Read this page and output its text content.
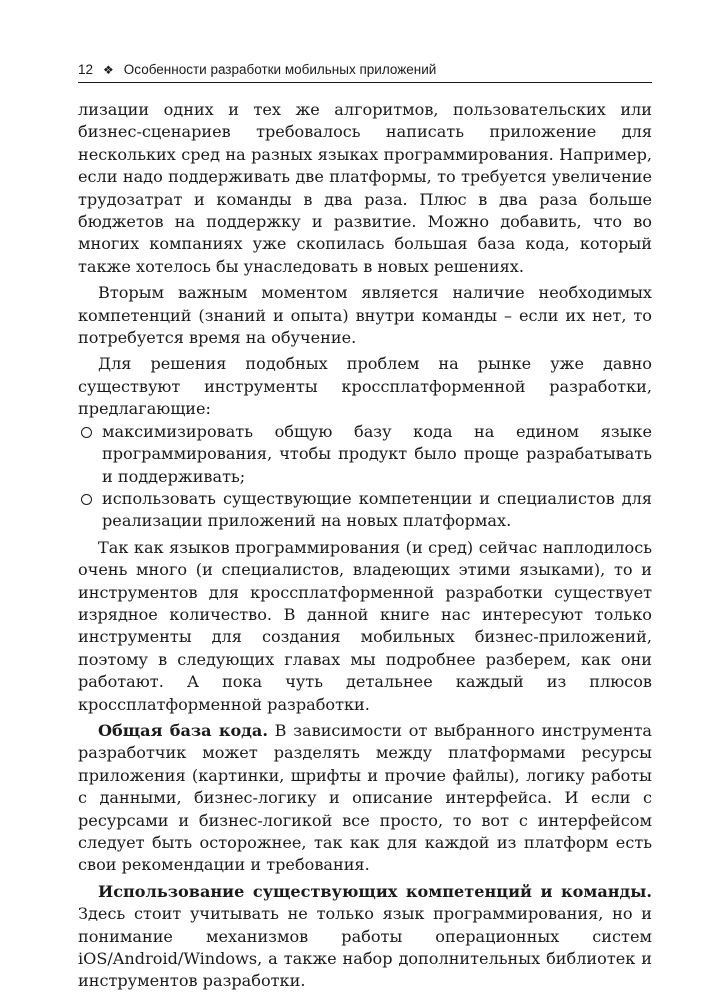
12 ❖ Особенности разработки мобильных приложений

лизации одних и тех же алгоритмов, пользовательских или бизнес-сценариев требовалось написать приложение для нескольких сред на разных языках программирования. Например, если надо поддерживать две платформы, то требуется увеличение трудозатрат и команды в два раза. Плюс в два раза больше бюджетов на поддержку и развитие. Можно добавить, что во многих компаниях уже скопилась большая база кода, который также хотелось бы унаследовать в новых решениях.

Вторым важным моментом является наличие необходимых компетенций (знаний и опыта) внутри команды – если их нет, то потребуется время на обучение.

Для решения подобных проблем на рынке уже давно существуют инструменты кроссплатформенной разработки, предлагающие:

максимизировать общую базу кода на едином языке программирования, чтобы продукт было проще разрабатывать и поддерживать;
использовать существующие компетенции и специалистов для реализации приложений на новых платформах.

Так как языков программирования (и сред) сейчас наплодилось очень много (и специалистов, владеющих этими языками), то и инструментов для кроссплатформенной разработки существует изрядное количество. В данной книге нас интересуют только инструменты для создания мобильных бизнес-приложений, поэтому в следующих главах мы подробнее разберем, как они работают. А пока чуть детальнее каждый из плюсов кроссплатформенной разработки.

Общая база кода. В зависимости от выбранного инструмента разработчик может разделять между платформами ресурсы приложения (картинки, шрифты и прочие файлы), логику работы с данными, бизнес-логику и описание интерфейса. И если с ресурсами и бизнес-логикой все просто, то вот с интерфейсом следует быть осторожнее, так как для каждой из платформ есть свои рекомендации и требования.

Использование существующих компетенций и команды. Здесь стоит учитывать не только язык программирования, но и понимание механизмов работы операционных систем iOS/Android/Windows, а также набор дополнительных библиотек и инструментов разработки.
